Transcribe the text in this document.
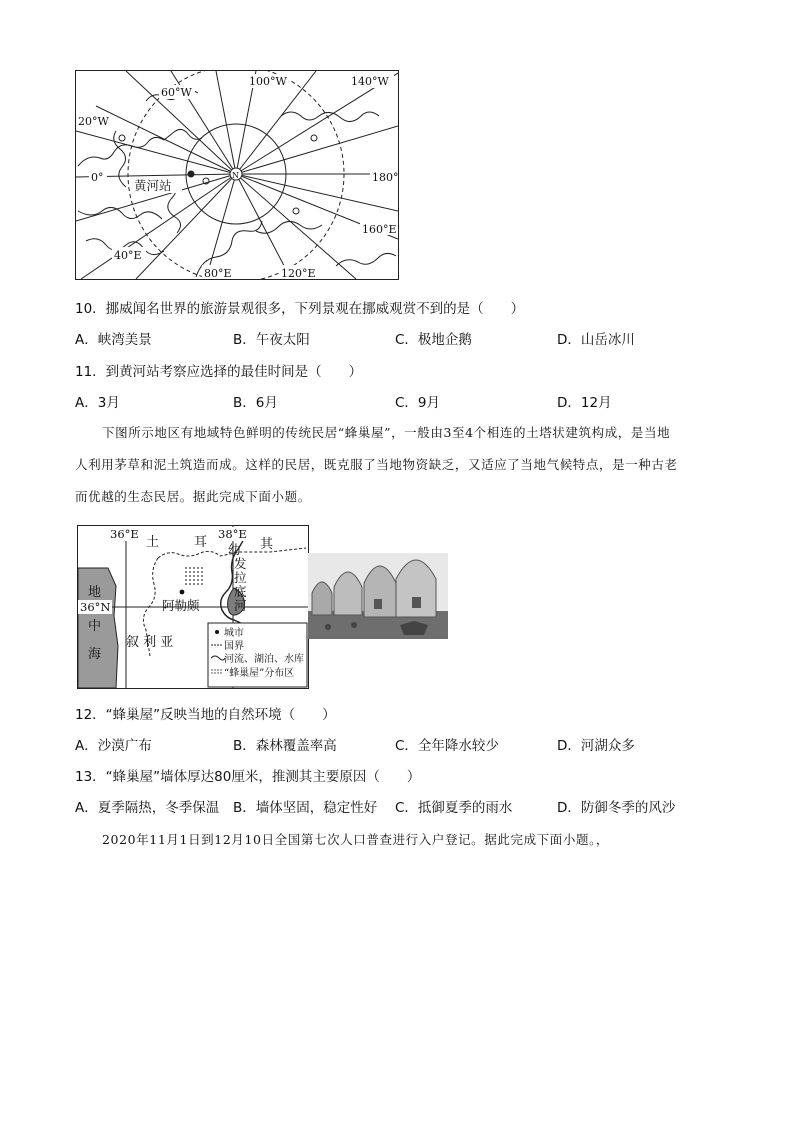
60°W
100°W	140°W
20°W
0°	180°
160°E
40°E
80°E	120°E
黄河站
N
10．挪威闻名世界的旅游景观很多，下列景观在挪威观赏不到的是（　　）
A．峡湾美景	B．午夜太阳	C．极地企鹅	D．山岳冰川
11．到黄河站考察应选择的最佳时间是（　　）
A．3月	B．6月	C．9月	D．12月
下图所示地区有地域特色鲜明的传统民居“蜂巢屋”，一般由3至4个相连的土塔状建筑构成，是当地
人利用茅草和泥土筑造而成。这样的民居，既克服了当地物资缺乏，又适应了当地气候特点，是一种古老
而优越的生态民居。据此完成下面小题。
36°E	38°E
36°N
土	耳	其
幼
发
拉
底
河
地
中
海
阿勒颇
叙 利 亚
城市
国界
河流、湖泊、水库
“蜂巢屋”分布区
12．“蜂巢屋”反映当地的自然环境（　　）
A．沙漠广布	B．森林覆盖率高	C．全年降水较少	D．河湖众多
13．“蜂巢屋”墙体厚达80厘米，推测其主要原因（　　）
A．夏季隔热，冬季保温 B．墙体坚固，稳定性好 C．抵御夏季的雨水	D．防御冬季的风沙
2020年11月1日到12月10日全国第七次人口普查进行入户登记。据此完成下面小题。，
